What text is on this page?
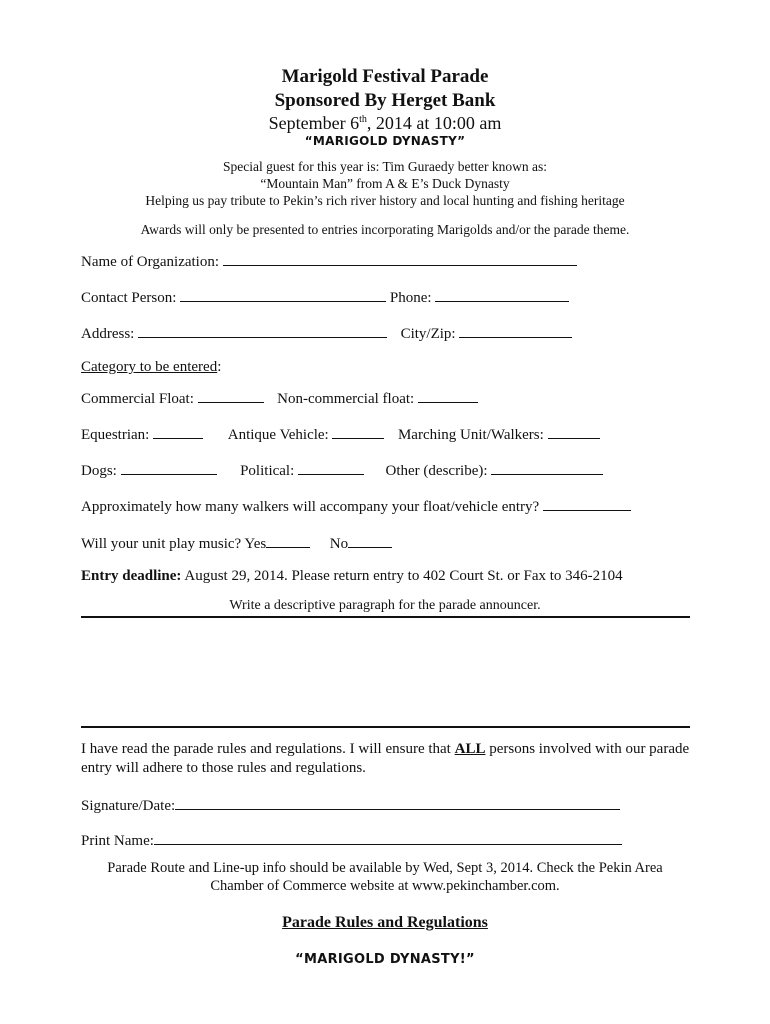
Marigold Festival Parade
Sponsored By Herget Bank
September 6th, 2014 at 10:00 am
“MARIGOLD DYNASTY”
Special guest for this year is: Tim Guraedy better known as:
“Mountain Man” from A & E’s Duck Dynasty
Helping us pay tribute to Pekin’s rich river history and local hunting and fishing heritage
Awards will only be presented to entries incorporating Marigolds and/or the parade theme.
Name of Organization:
Contact Person:	Phone:
Address:	City/Zip:
Category to be entered:
Commercial Float:	Non-commercial float:
Equestrian:	Antique Vehicle:	Marching Unit/Walkers:
Dogs:	Political:	Other (describe):
Approximately how many walkers will accompany your float/vehicle entry?
Will your unit play music? Yes	No
Entry deadline: August 29, 2014. Please return entry to 402 Court St. or Fax to 346-2104
Write a descriptive paragraph for the parade announcer.
I have read the parade rules and regulations. I will ensure that ALL persons involved with our parade entry will adhere to those rules and regulations.
Signature/Date:
Print Name:
Parade Route and Line-up info should be available by Wed, Sept 3, 2014. Check the Pekin Area
Chamber of Commerce website at www.pekinchamber.com.
Parade Rules and Regulations
“MARIGOLD DYNASTY!”
